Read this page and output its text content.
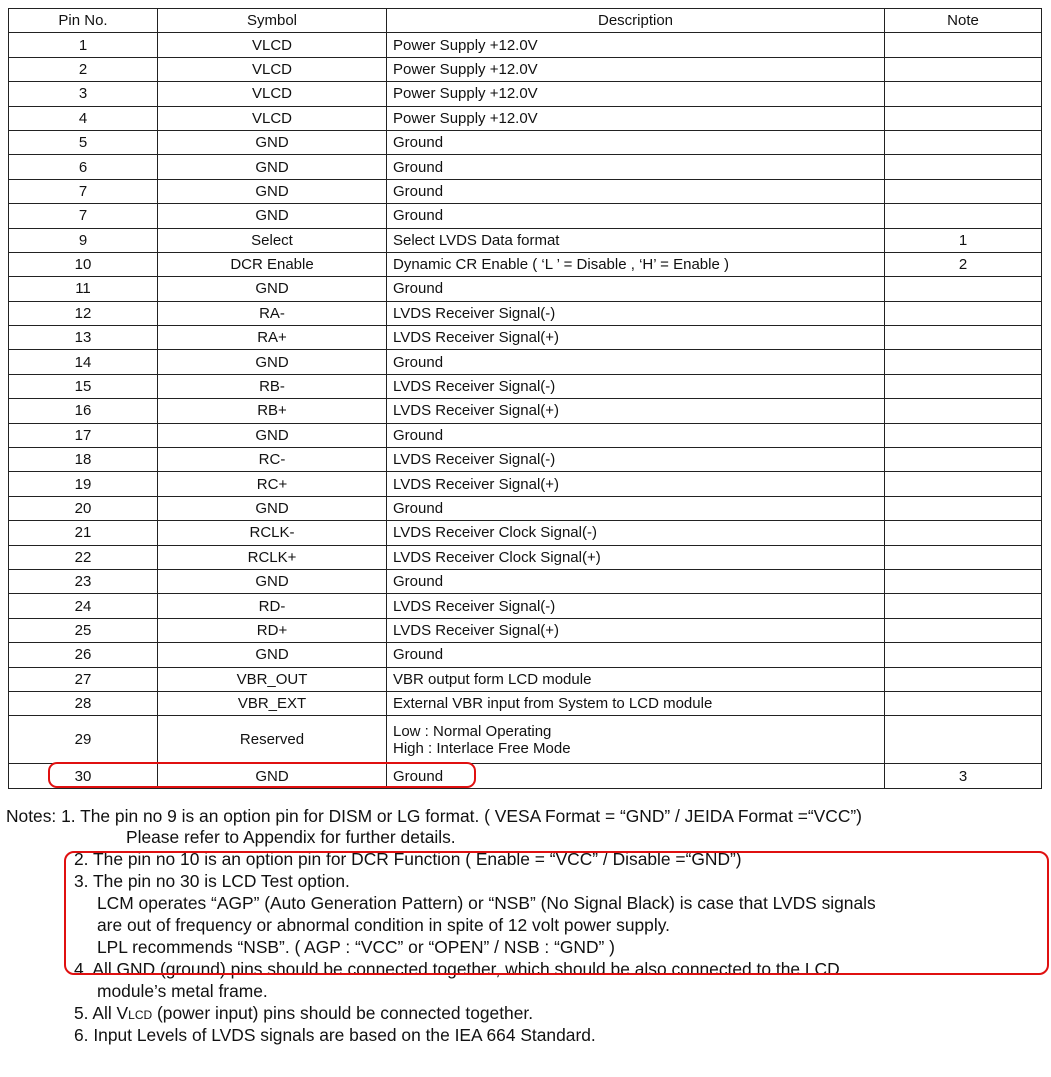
Pin No.	Symbol	Description	Note
1	VLCD	Power Supply +12.0V	
2	VLCD	Power Supply +12.0V	
3	VLCD	Power Supply +12.0V	
4	VLCD	Power Supply +12.0V	
5	GND	Ground	
6	GND	Ground	
7	GND	Ground	
7	GND	Ground	
9	Select	Select LVDS Data format	1
10	DCR Enable	Dynamic CR Enable ( ‘L ’ = Disable , ‘H’ = Enable )	2
11	GND	Ground	
12	RA-	LVDS Receiver Signal(-)	
13	RA+	LVDS Receiver Signal(+)	
14	GND	Ground	
15	RB-	LVDS Receiver Signal(-)	
16	RB+	LVDS Receiver Signal(+)	
17	GND	Ground	
18	RC-	LVDS Receiver Signal(-)	
19	RC+	LVDS Receiver Signal(+)	
20	GND	Ground	
21	RCLK-	LVDS Receiver Clock Signal(-)	
22	RCLK+	LVDS Receiver Clock Signal(+)	
23	GND	Ground	
24	RD-	LVDS Receiver Signal(-)	
25	RD+	LVDS Receiver Signal(+)	
26	GND	Ground	
27	VBR_OUT	VBR output form LCD module	
28	VBR_EXT	External VBR input from System to LCD module	
29	Reserved	Low : Normal Operating
High : Interlace Free Mode	

30	GND	Ground	3
Notes: 1. The pin no 9 is an option pin for DISM or LG format. ( VESA Format = “GND” / JEIDA Format =“VCC”)
Please refer to Appendix for further details.
2. The pin no 10 is an option pin for DCR Function ( Enable = “VCC” / Disable =“GND”)
3. The pin no 30 is LCD Test option.
LCM operates “AGP” (Auto Generation Pattern) or “NSB” (No Signal Black) is case that LVDS signals
are out of frequency or abnormal condition in spite of 12 volt power supply.
LPL recommends “NSB”. ( AGP : “VCC” or “OPEN” / NSB : “GND” )
4. All GND (ground) pins should be connected together, which should be also connected to the LCD
module’s metal frame.
5. All VLCD (power input) pins should be connected together.
6. Input Levels of LVDS signals are based on the IEA 664 Standard.
